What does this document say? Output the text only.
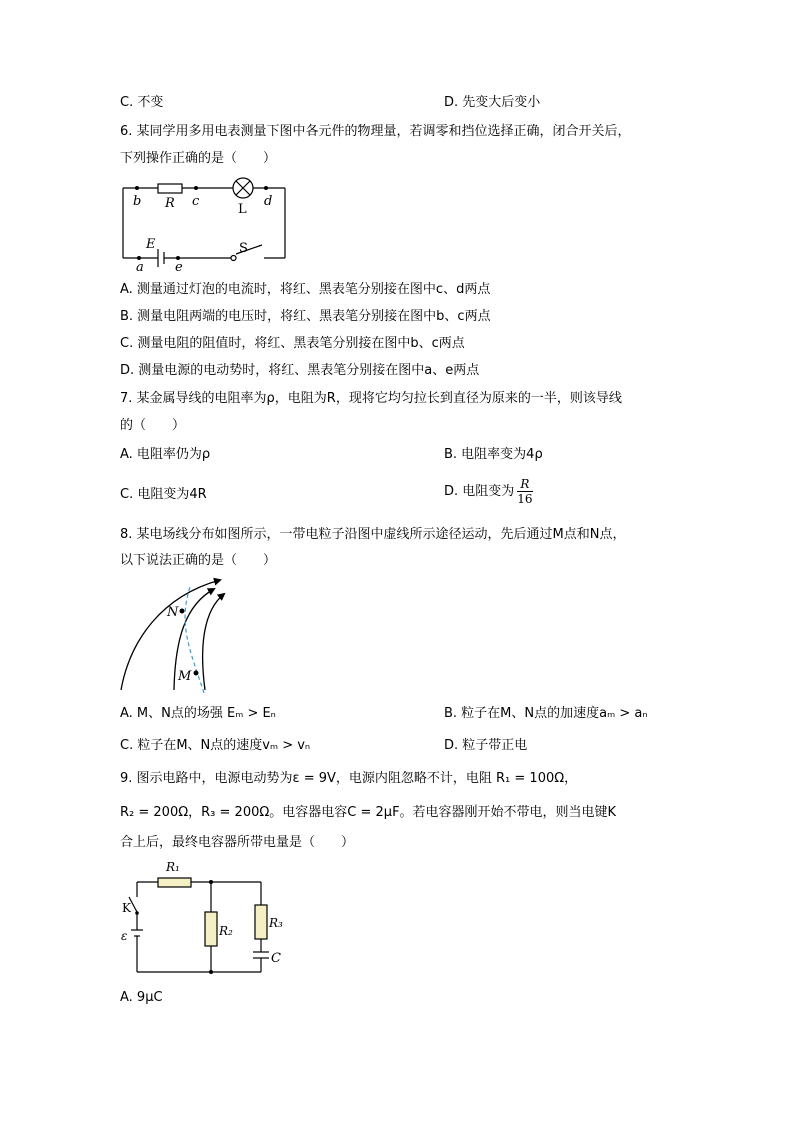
C. 不变	D. 先变大后变小
6. 某同学用多用电表测量下图中各元件的物理量，若调零和挡位选择正确，闭合开关后，
下列操作正确的是（　　）
b R c
L
d
E	S
a e
A. 测量通过灯泡的电流时，将红、黑表笔分别接在图中c、d两点
B. 测量电阻两端的电压时，将红、黑表笔分别接在图中b、c两点
C. 测量电阻的阻值时，将红、黑表笔分别接在图中b、c两点
D. 测量电源的电动势时，将红、黑表笔分别接在图中a、e两点
7. 某金属导线的电阻率为ρ，电阻为R，现将它均匀拉长到直径为原来的一半，则该导线
的（　　）
A. 电阻率仍为ρ	B. 电阻率变为4ρ
C. 电阻变为4R	D. 电阻变为 $\frac{R}{16}$
8. 某电场线分布如图所示，一带电粒子沿图中虚线所示途径运动，先后通过M点和N点，
以下说法正确的是（　　）
N
M
A. M、N点的场强 Eₘ > Eₙ	B. 粒子在M、N点的加速度aₘ > aₙ
C. 粒子在M、N点的速度vₘ > vₙ	D. 粒子带正电
9. 图示电路中，电源电动势为ε = 9V，电源内阻忽略不计，电阻 R₁ = 100Ω，
R₂ = 200Ω，R₃ = 200Ω。电容器电容C = 2μF。若电容器刚开始不带电，则当电键K
合上后，最终电容器所带电量是（　　）
R₁
K
ε	R₂
R₃
C
A. 9μC
